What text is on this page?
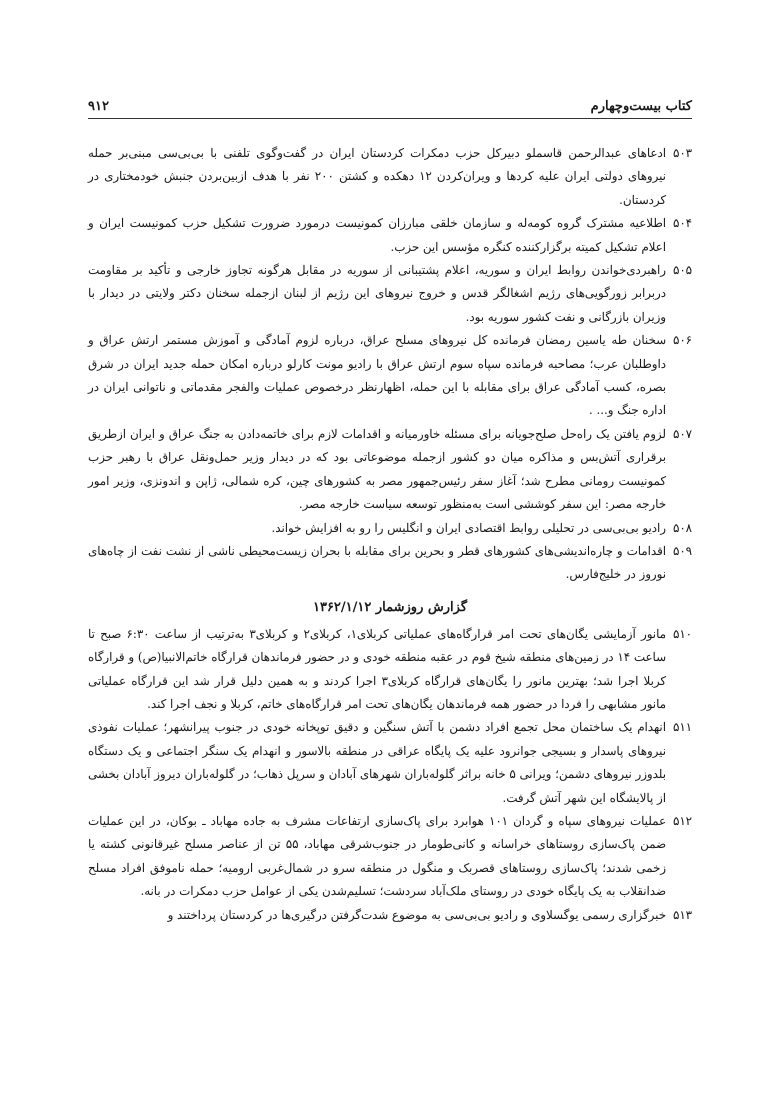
کتاب بیست‌وچهارم
۹۱۲
۵۰۳
ادعاهای عبدالرحمن قاسملو دبیرکل حزب دمکرات کردستان ایران در گفت‌وگوی تلفنی با بی‌بی‌سی مبنی‌بر حمله نیروهای دولتی ایران علیه کردها و ویران‌کردن ۱۲ دهکده و کشتن ۲۰۰ نفر با هدف ازبین‌بردن جنبش خودمختاری در کردستان.
۵۰۴
اطلاعیه مشترک گروه کومه‌له و سازمان خلقی مبارزان کمونیست درمورد ضرورت تشکیل حزب کمونیست ایران و اعلام تشکیل کمیته برگزارکننده کنگره مؤسس این حزب.
۵۰۵
راهبردی‌خواندن روابط ایران و سوریه، اعلام پشتیبانی از سوریه در مقابل هرگونه تجاوز خارجی و تأکید بر مقاومت دربرابر زورگویی‌های رژیم اشغالگر قدس و خروج نیروهای این رژیم از لبنان ازجمله سخنان دکتر ولایتی در دیدار با وزیران بازرگانی و نفت کشور سوریه بود.
۵۰۶
سخنان طه یاسین رمضان فرمانده کل نیروهای مسلح عراق، درباره لزوم آمادگی و آموزش مستمر ارتش عراق و داوطلبان عرب؛ مصاحبه فرمانده سپاه سوم ارتش عراق با رادیو مونت کارلو درباره امکان حمله جدید ایران در شرق بصره، کسب آمادگی عراق برای مقابله با این حمله، اظهارنظر درخصوص عملیات والفجر مقدماتی و ناتوانی ایران در اداره جنگ و... .
۵۰۷
لزوم یافتن یک راه‌حل صلح‌جویانه برای مسئله خاورمیانه و اقدامات لازم برای خاتمه‌دادن به جنگ عراق و ایران ازطریق برقراری آتش‌بس و مذاکره میان دو کشور ازجمله موضوعاتی بود که در دیدار وزیر حمل‌ونقل عراق با رهبر حزب کمونیست رومانی مطرح شد؛ آغاز سفر رئیس‌جمهور مصر به کشورهای چین، کره شمالی، ژاپن و اندونزی، وزیر امور خارجه مصر: این سفر کوششی است به‌منظور توسعه سیاست خارجه مصر.
۵۰۸
رادیو بی‌بی‌سی در تحلیلی روابط اقتصادی ایران و انگلیس را رو به افزایش خواند.
۵۰۹
اقدامات و چاره‌اندیشی‌های کشورهای قطر و بحرین برای مقابله با بحران زیست‌محیطی ناشی از نشت نفت از چاه‌های نوروز در خلیج‌فارس.
گزارش روزشمار ۱۳۶۲/۱/۱۲
۵۱۰
مانور آزمایشی یگان‌های تحت امر قرارگاه‌های عملیاتی کربلای۱، کربلای۲ و کربلای۳ به‌ترتیب از ساعت ۶:۳۰ صبح تا ساعت ۱۴ در زمین‌های منطقه شیخ قوم در عقبه منطقه خودی و در حضور فرماندهان قرارگاه خاتم‌الانبیا(ص) و قرارگاه کربلا اجرا شد؛ بهترین مانور را یگان‌های قرارگاه کربلای۳ اجرا کردند و به همین دلیل قرار شد این قرارگاه عملیاتی مانور مشابهی را فردا در حضور همه فرماندهان یگان‌های تحت امر قرارگاه‌های خاتم، کربلا و نجف اجرا کند.
۵۱۱
انهدام یک ساختمان محل تجمع افراد دشمن با آتش سنگین و دقیق توپخانه خودی در جنوب پیرانشهر؛ عملیات نفوذی نیروهای پاسدار و بسیجی جوانرود علیه یک پایگاه عراقی در منطقه بالاسور و انهدام یک سنگر اجتماعی و یک دستگاه بلدوزر نیروهای دشمن؛ ویرانی ۵ خانه براثر گلوله‌باران شهرهای آبادان و سرپل ذهاب؛ در گلوله‌باران دیروز آبادان بخشی از پالایشگاه این شهر آتش گرفت.
۵۱۲
عملیات نیروهای سپاه و گردان ۱۰۱ هوابرد برای پاک‌سازی ارتفاعات مشرف به جاده مهاباد ـ بوکان، در این عملیات ضمن پاک‌سازی روستاهای خراسانه و کانی‌طومار در جنوب‌شرقی مهاباد، ۵۵ تن از عناصر مسلح غیرقانونی کشته یا زخمی شدند؛ پاک‌سازی روستاهای قصربک و منگول در منطقه سرو در شمال‌غربی ارومیه؛ حمله ناموفق افراد مسلح ضدانقلاب به یک پایگاه خودی در روستای ملک‌آباد سردشت؛ تسلیم‌شدن یکی از عوامل حزب دمکرات در بانه.
۵۱۳
خبرگزاری رسمی یوگسلاوی و رادیو بی‌بی‌سی به موضوع شدت‌گرفتن درگیری‌ها در کردستان پرداختند و
